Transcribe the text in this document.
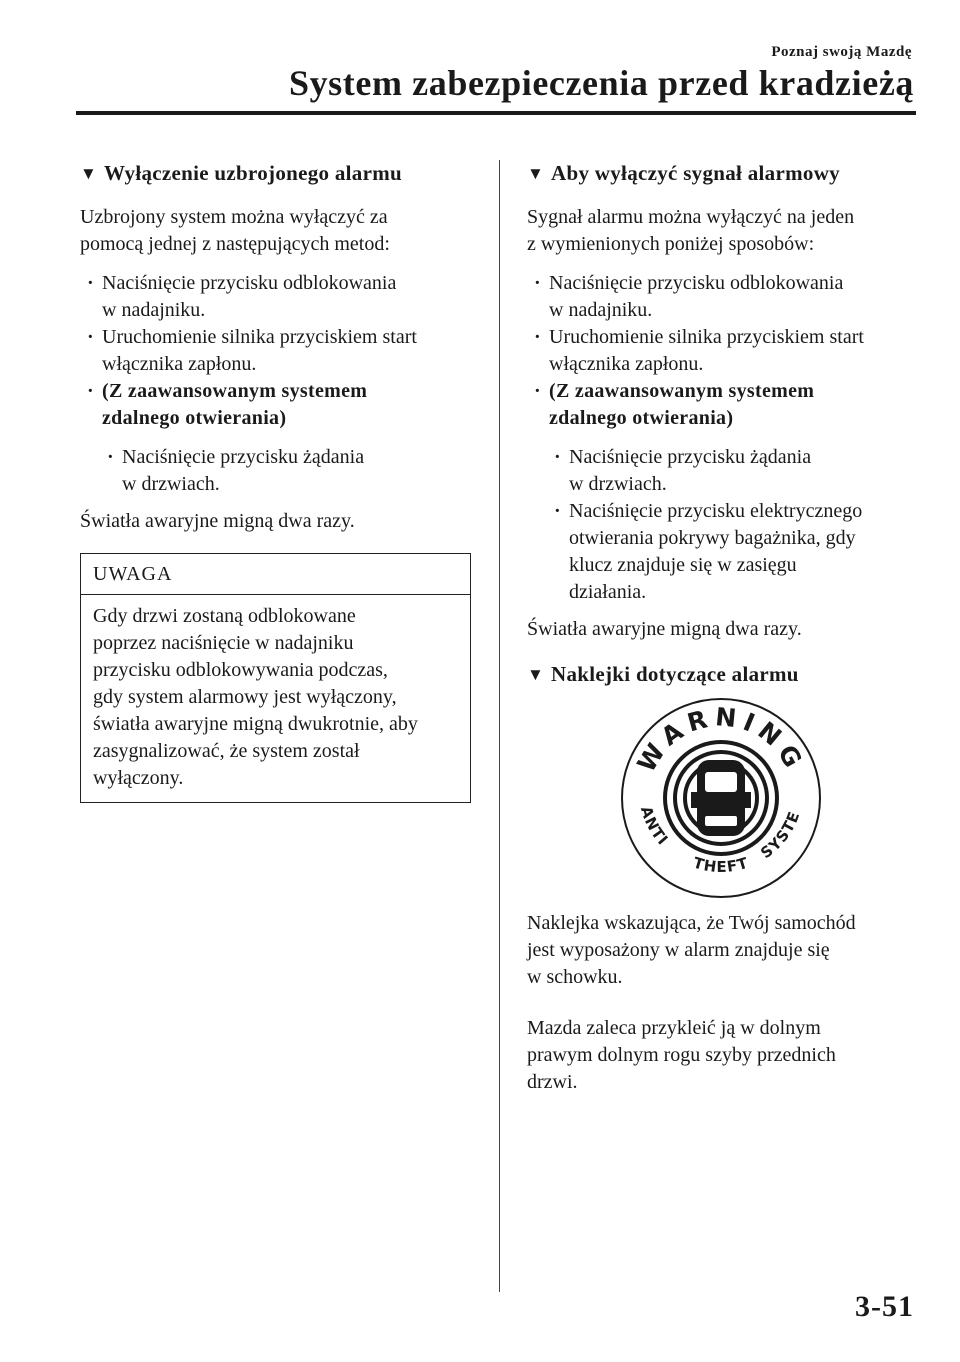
Poznaj swoją Mazdę
System zabezpieczenia przed kradzieżą
▼ Wyłączenie uzbrojonego alarmu

Uzbrojony system można wyłączyć za
pomocą jednej z następujących metod:

· Naciśnięcie przycisku odblokowania
w nadajniku.
· Uruchomienie silnika przyciskiem start
włącznika zapłonu.
· (Z zaawansowanym systemem
zdalnego otwierania)
· Naciśnięcie przycisku żądania
w drzwiach.

Światła awaryjne migną dwa razy.

UWAGA
Gdy drzwi zostaną odblokowane
poprzez naciśnięcie w nadajniku
przycisku odblokowywania podczas,
gdy system alarmowy jest wyłączony,
światła awaryjne migną dwukrotnie, aby
zasygnalizować, że system został
wyłączony.
▼ Aby wyłączyć sygnał alarmowy

Sygnał alarmu można wyłączyć na jeden
z wymienionych poniżej sposobów:

· Naciśnięcie przycisku odblokowania
w nadajniku.
· Uruchomienie silnika przyciskiem start
włącznika zapłonu.
· (Z zaawansowanym systemem
zdalnego otwierania)
· Naciśnięcie przycisku żądania
w drzwiach.
· Naciśnięcie przycisku elektrycznego
otwierania pokrywy bagażnika, gdy
klucz znajduje się w zasięgu
działania.

Światła awaryjne migną dwa razy.

▼ Naklejki dotyczące alarmu
WARNING
ANTI
THEFT
SYSTE

Naklejka wskazująca, że Twój samochód
jest wyposażony w alarm znajduje się
w schowku.

Mazda zaleca przykleić ją w dolnym
prawym dolnym rogu szyby przednich
drzwi.

3-51
